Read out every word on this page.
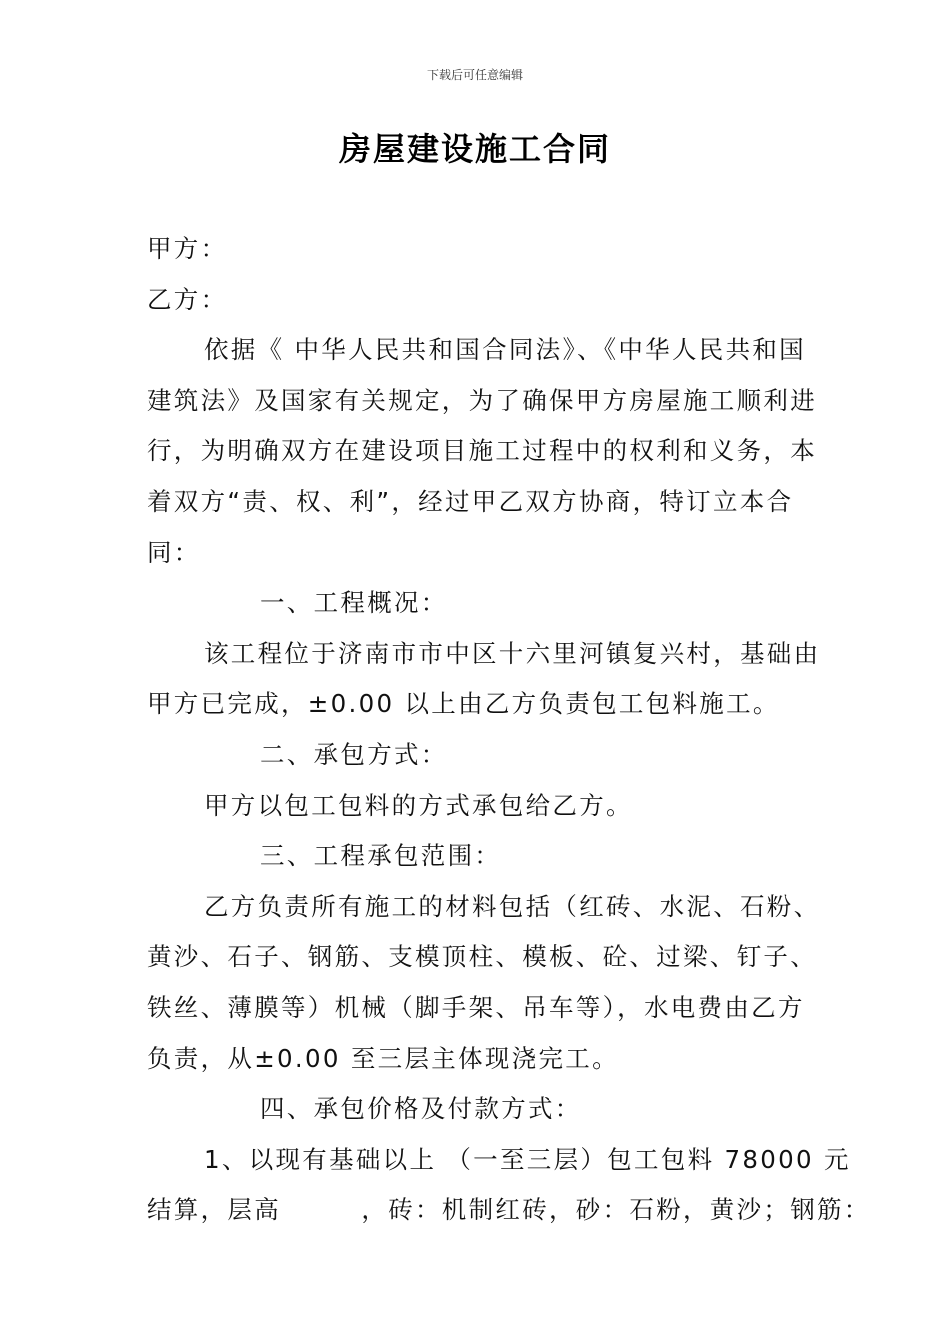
下载后可任意编辑
房屋建设施工合同
甲方：
乙方：
依据《 中华人民共和国合同法》、《中华人民共和国
建筑法》及国家有关规定，为了确保甲方房屋施工顺利进
行，为明确双方在建设项目施工过程中的权利和义务，本
着双方“责、权、利”，经过甲乙双方协商，特订立本合
同：
一、工程概况：
该工程位于济南市市中区十六里河镇复兴村，基础由
甲方已完成，±0.00 以上由乙方负责包工包料施工。
二、承包方式：
甲方以包工包料的方式承包给乙方。
三、工程承包范围：
乙方负责所有施工的材料包括（红砖、水泥、石粉、
黄沙、石子、钢筋、支模顶柱、模板、砼、过梁、钉子、
铁丝、薄膜等）机械（脚手架、吊车等），水电费由乙方
负责，从±0.00 至三层主体现浇完工。
四、承包价格及付款方式：
1、以现有基础以上 （一至三层）包工包料 78000 元
结算，层高　　　，砖：机制红砖，砂：石粉，黄沙；钢筋：
